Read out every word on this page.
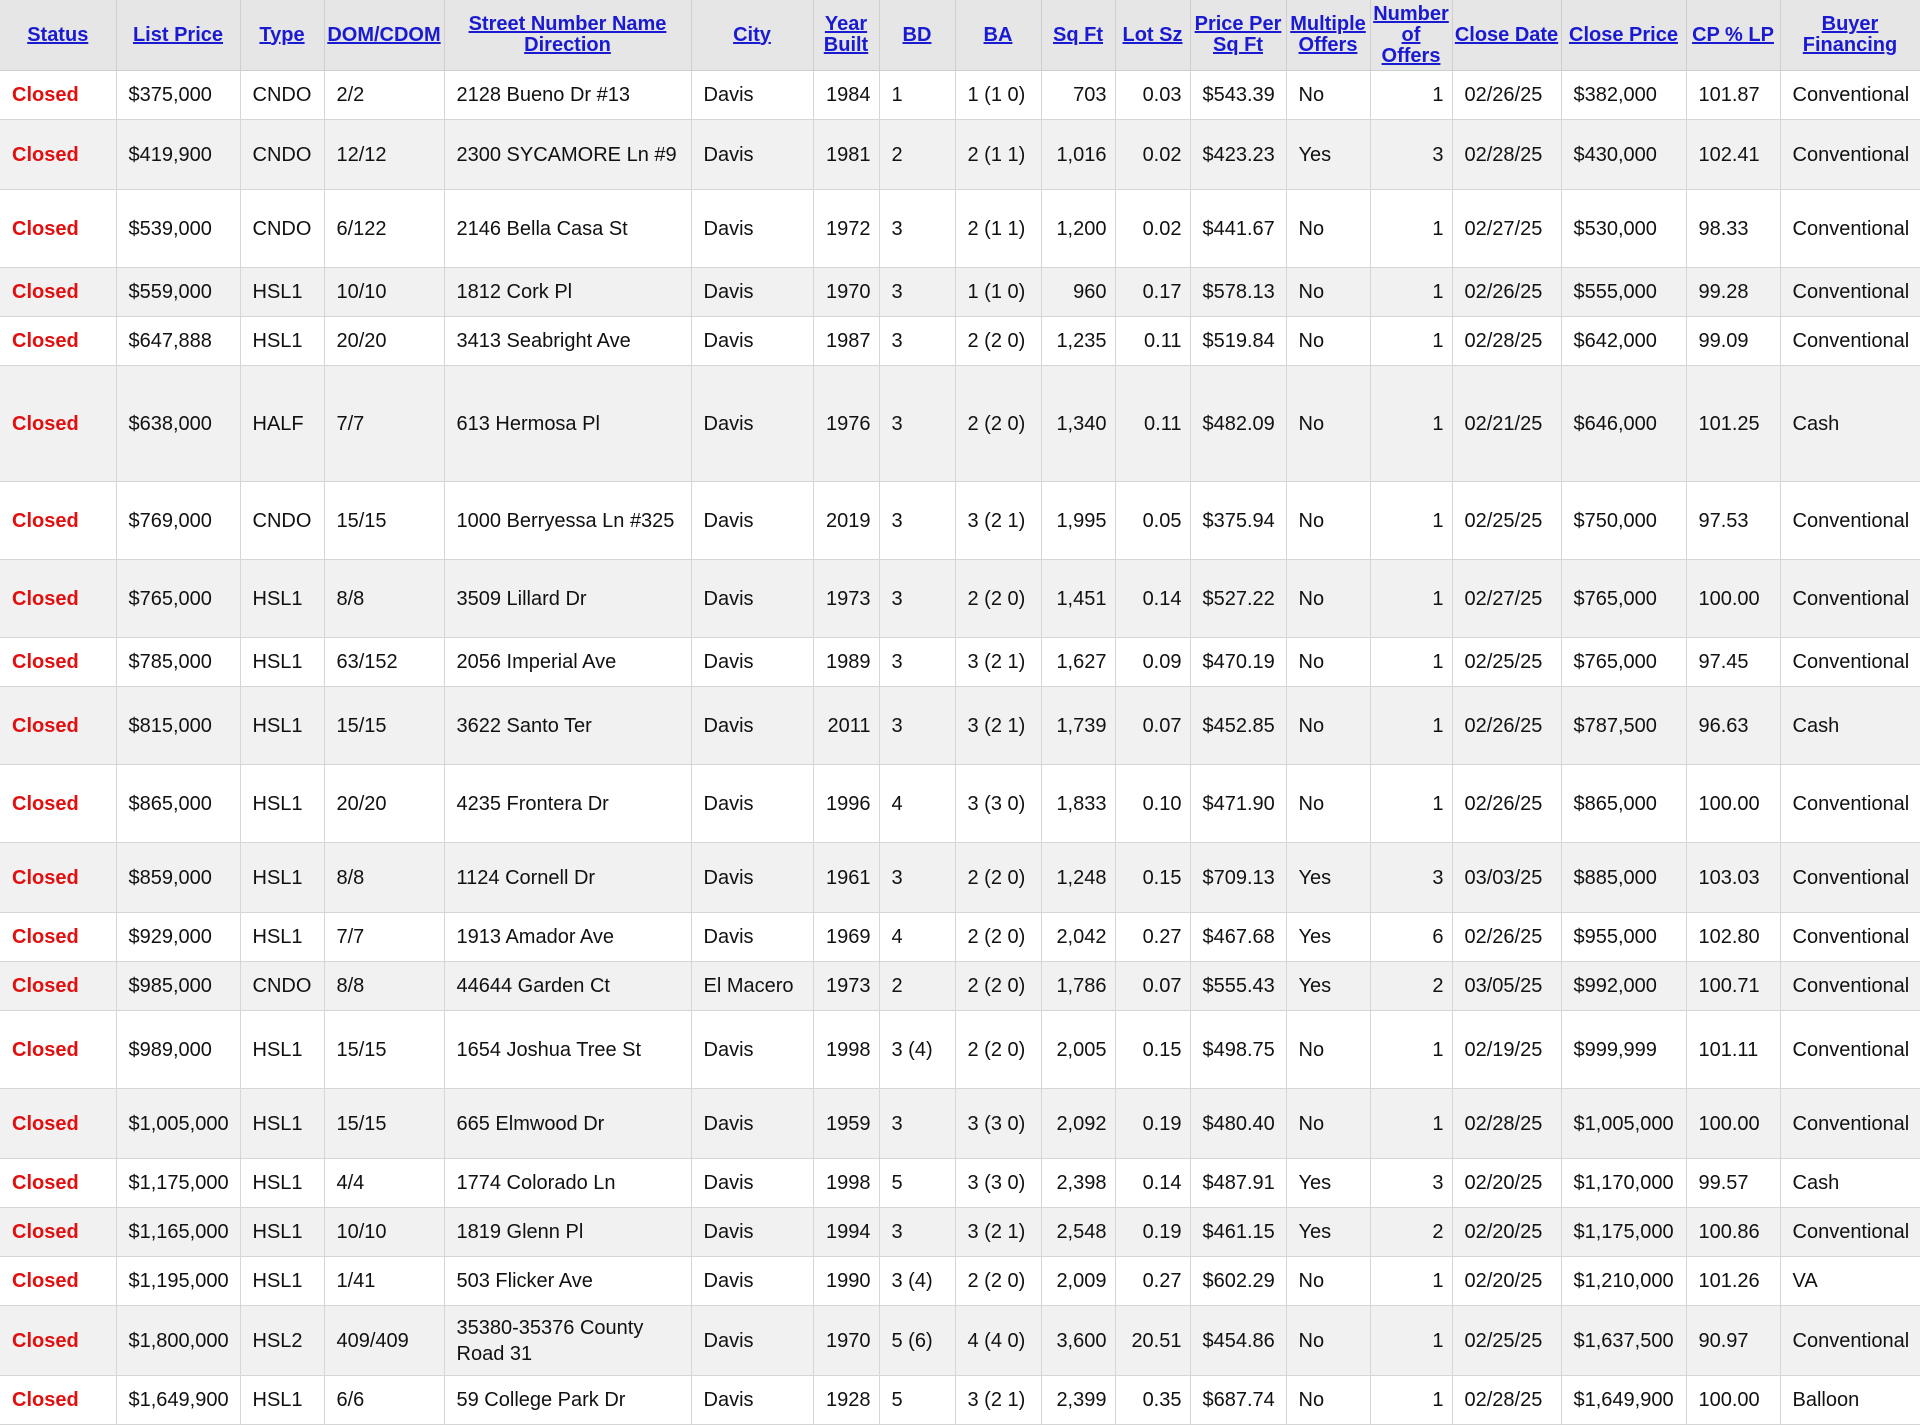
Status	List Price	Type	DOM/CDOM	Street Number Name Direction	City	Year Built	BD	BA	Sq Ft	Lot Sz	Price Per Sq Ft	Multiple Offers	Number of Offers	Close Date	Close Price	CP % LP	Buyer Financing
Closed	$375,000	CNDO	2/2	2128 Bueno Dr #13	Davis	1984	1	1 (1 0)	703	0.03	$543.39	No	1	02/26/25	$382,000	101.87	Conventional
Closed	$419,900	CNDO	12/12	2300 SYCAMORE Ln #9	Davis	1981	2	2 (1 1)	1,016	0.02	$423.23	Yes	3	02/28/25	$430,000	102.41	Conventional
Closed	$539,000	CNDO	6/122	2146 Bella Casa St	Davis	1972	3	2 (1 1)	1,200	0.02	$441.67	No	1	02/27/25	$530,000	98.33	Conventional
Closed	$559,000	HSL1	10/10	1812 Cork Pl	Davis	1970	3	1 (1 0)	960	0.17	$578.13	No	1	02/26/25	$555,000	99.28	Conventional
Closed	$647,888	HSL1	20/20	3413 Seabright Ave	Davis	1987	3	2 (2 0)	1,235	0.11	$519.84	No	1	02/28/25	$642,000	99.09	Conventional
Closed	$638,000	HALF	7/7	613 Hermosa Pl	Davis	1976	3	2 (2 0)	1,340	0.11	$482.09	No	1	02/21/25	$646,000	101.25	Cash
Closed	$769,000	CNDO	15/15	1000 Berryessa Ln #325	Davis	2019	3	3 (2 1)	1,995	0.05	$375.94	No	1	02/25/25	$750,000	97.53	Conventional
Closed	$765,000	HSL1	8/8	3509 Lillard Dr	Davis	1973	3	2 (2 0)	1,451	0.14	$527.22	No	1	02/27/25	$765,000	100.00	Conventional
Closed	$785,000	HSL1	63/152	2056 Imperial Ave	Davis	1989	3	3 (2 1)	1,627	0.09	$470.19	No	1	02/25/25	$765,000	97.45	Conventional
Closed	$815,000	HSL1	15/15	3622 Santo Ter	Davis	2011	3	3 (2 1)	1,739	0.07	$452.85	No	1	02/26/25	$787,500	96.63	Cash
Closed	$865,000	HSL1	20/20	4235 Frontera Dr	Davis	1996	4	3 (3 0)	1,833	0.10	$471.90	No	1	02/26/25	$865,000	100.00	Conventional
Closed	$859,000	HSL1	8/8	1124 Cornell Dr	Davis	1961	3	2 (2 0)	1,248	0.15	$709.13	Yes	3	03/03/25	$885,000	103.03	Conventional
Closed	$929,000	HSL1	7/7	1913 Amador Ave	Davis	1969	4	2 (2 0)	2,042	0.27	$467.68	Yes	6	02/26/25	$955,000	102.80	Conventional
Closed	$985,000	CNDO	8/8	44644 Garden Ct	El Macero	1973	2	2 (2 0)	1,786	0.07	$555.43	Yes	2	03/05/25	$992,000	100.71	Conventional
Closed	$989,000	HSL1	15/15	1654 Joshua Tree St	Davis	1998	3 (4)	2 (2 0)	2,005	0.15	$498.75	No	1	02/19/25	$999,999	101.11	Conventional
Closed	$1,005,000	HSL1	15/15	665 Elmwood Dr	Davis	1959	3	3 (3 0)	2,092	0.19	$480.40	No	1	02/28/25	$1,005,000	100.00	Conventional
Closed	$1,175,000	HSL1	4/4	1774 Colorado Ln	Davis	1998	5	3 (3 0)	2,398	0.14	$487.91	Yes	3	02/20/25	$1,170,000	99.57	Cash
Closed	$1,165,000	HSL1	10/10	1819 Glenn Pl	Davis	1994	3	3 (2 1)	2,548	0.19	$461.15	Yes	2	02/20/25	$1,175,000	100.86	Conventional
Closed	$1,195,000	HSL1	1/41	503 Flicker Ave	Davis	1990	3 (4)	2 (2 0)	2,009	0.27	$602.29	No	1	02/20/25	$1,210,000	101.26	VA
Closed	$1,800,000	HSL2	409/409	35380-35376 County Road 31	Davis	1970	5 (6)	4 (4 0)	3,600	20.51	$454.86	No	1	02/25/25	$1,637,500	90.97	Conventional
Closed	$1,649,900	HSL1	6/6	59 College Park Dr	Davis	1928	5	3 (2 1)	2,399	0.35	$687.74	No	1	02/28/25	$1,649,900	100.00	Balloon
